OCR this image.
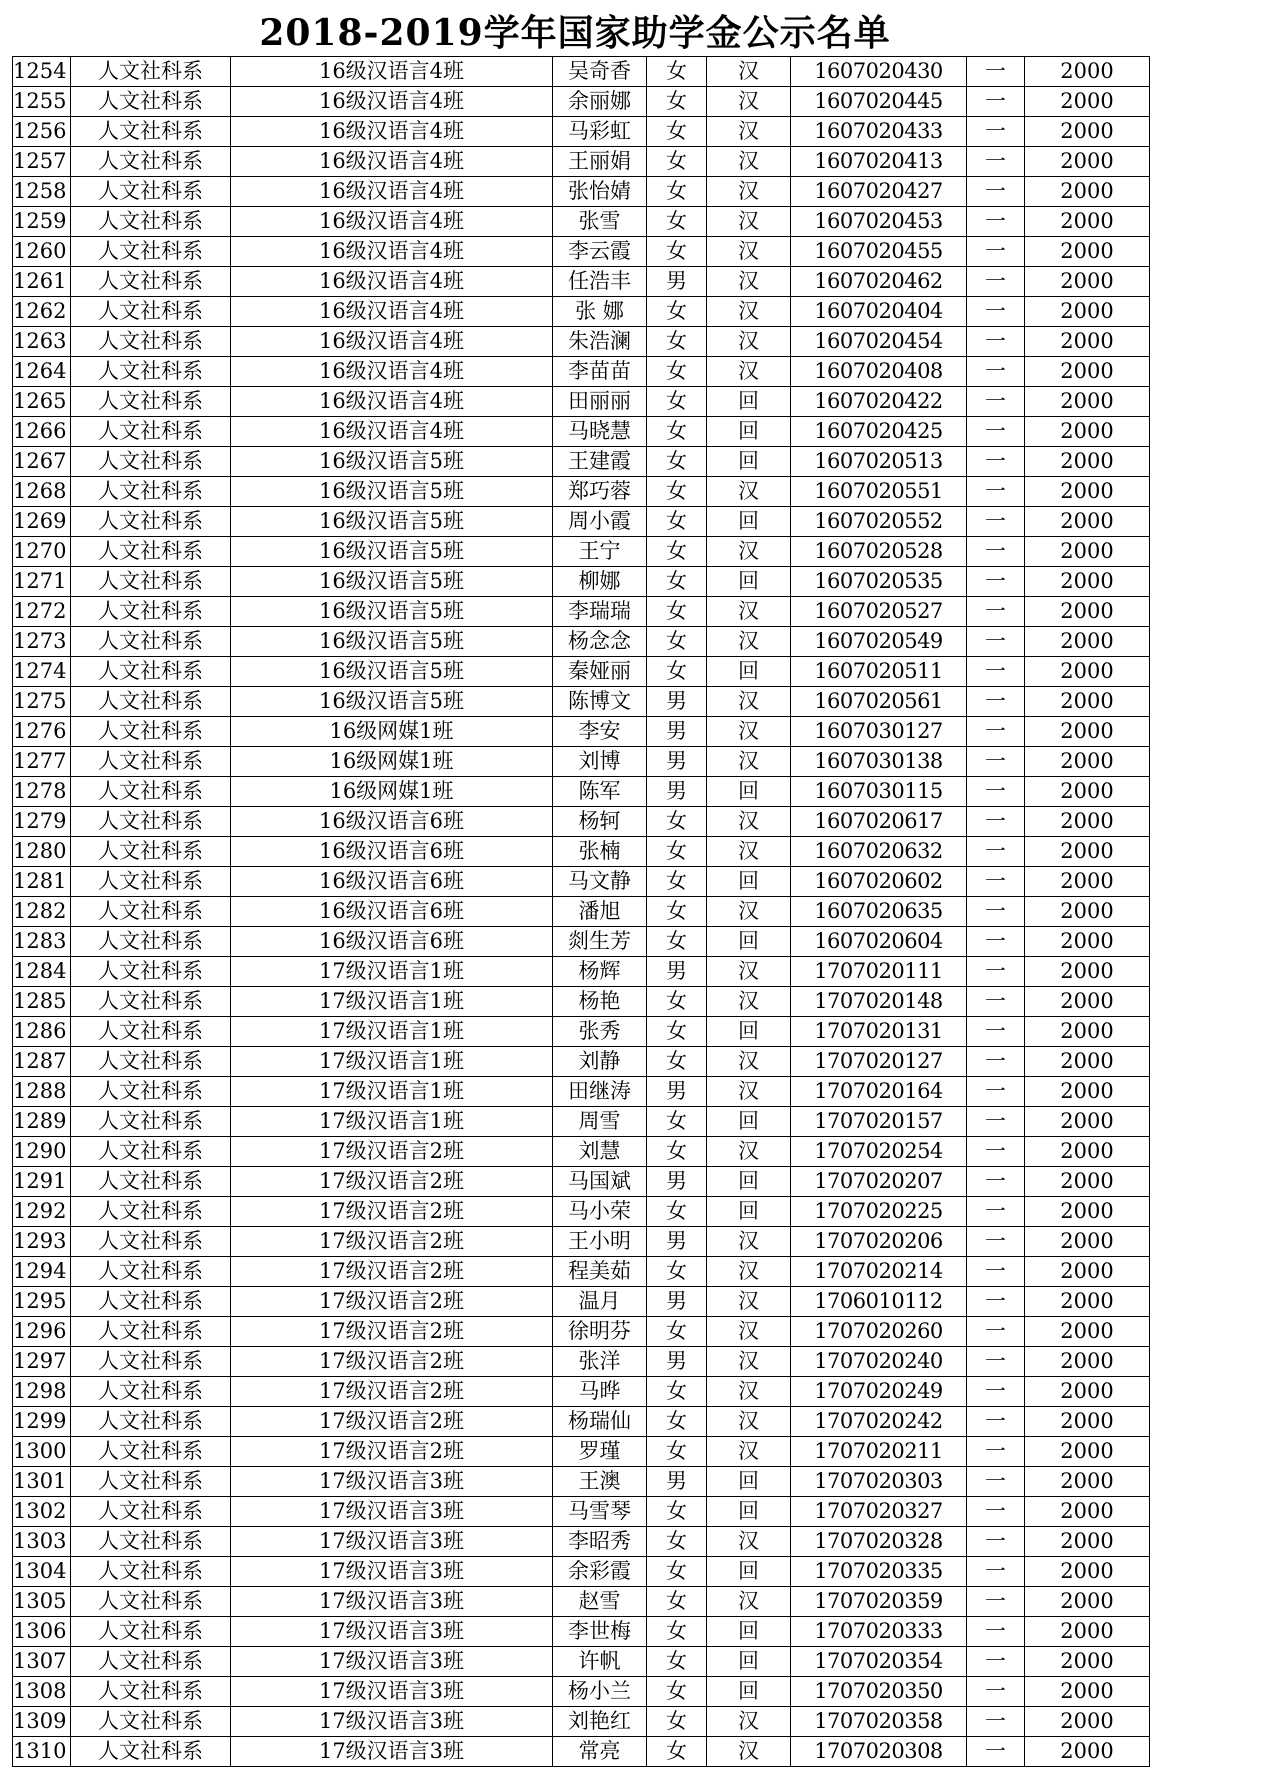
2018-2019学年国家助学金公示名单
1254	人文社科系	16级汉语言4班	吴奇香	女	汉	1607020430	一	2000
1255	人文社科系	16级汉语言4班	余丽娜	女	汉	1607020445	一	2000
1256	人文社科系	16级汉语言4班	马彩虹	女	汉	1607020433	一	2000
1257	人文社科系	16级汉语言4班	王丽娟	女	汉	1607020413	一	2000
1258	人文社科系	16级汉语言4班	张怡婧	女	汉	1607020427	一	2000
1259	人文社科系	16级汉语言4班	张雪	女	汉	1607020453	一	2000
1260	人文社科系	16级汉语言4班	李云霞	女	汉	1607020455	一	2000
1261	人文社科系	16级汉语言4班	任浩丰	男	汉	1607020462	一	2000
1262	人文社科系	16级汉语言4班	张 娜	女	汉	1607020404	一	2000
1263	人文社科系	16级汉语言4班	朱浩澜	女	汉	1607020454	一	2000
1264	人文社科系	16级汉语言4班	李苗苗	女	汉	1607020408	一	2000
1265	人文社科系	16级汉语言4班	田丽丽	女	回	1607020422	一	2000
1266	人文社科系	16级汉语言4班	马晓慧	女	回	1607020425	一	2000
1267	人文社科系	16级汉语言5班	王建霞	女	回	1607020513	一	2000
1268	人文社科系	16级汉语言5班	郑巧蓉	女	汉	1607020551	一	2000
1269	人文社科系	16级汉语言5班	周小霞	女	回	1607020552	一	2000
1270	人文社科系	16级汉语言5班	王宁	女	汉	1607020528	一	2000
1271	人文社科系	16级汉语言5班	柳娜	女	回	1607020535	一	2000
1272	人文社科系	16级汉语言5班	李瑞瑞	女	汉	1607020527	一	2000
1273	人文社科系	16级汉语言5班	杨念念	女	汉	1607020549	一	2000
1274	人文社科系	16级汉语言5班	秦娅丽	女	回	1607020511	一	2000
1275	人文社科系	16级汉语言5班	陈博文	男	汉	1607020561	一	2000
1276	人文社科系	16级网媒1班	李安	男	汉	1607030127	一	2000
1277	人文社科系	16级网媒1班	刘博	男	汉	1607030138	一	2000
1278	人文社科系	16级网媒1班	陈军	男	回	1607030115	一	2000
1279	人文社科系	16级汉语言6班	杨轲	女	汉	1607020617	一	2000
1280	人文社科系	16级汉语言6班	张楠	女	汉	1607020632	一	2000
1281	人文社科系	16级汉语言6班	马文静	女	回	1607020602	一	2000
1282	人文社科系	16级汉语言6班	潘旭	女	汉	1607020635	一	2000
1283	人文社科系	16级汉语言6班	剡生芳	女	回	1607020604	一	2000
1284	人文社科系	17级汉语言1班	杨辉	男	汉	1707020111	一	2000
1285	人文社科系	17级汉语言1班	杨艳	女	汉	1707020148	一	2000
1286	人文社科系	17级汉语言1班	张秀	女	回	1707020131	一	2000
1287	人文社科系	17级汉语言1班	刘静	女	汉	1707020127	一	2000
1288	人文社科系	17级汉语言1班	田继涛	男	汉	1707020164	一	2000
1289	人文社科系	17级汉语言1班	周雪	女	回	1707020157	一	2000
1290	人文社科系	17级汉语言2班	刘慧	女	汉	1707020254	一	2000
1291	人文社科系	17级汉语言2班	马国斌	男	回	1707020207	一	2000
1292	人文社科系	17级汉语言2班	马小荣	女	回	1707020225	一	2000
1293	人文社科系	17级汉语言2班	王小明	男	汉	1707020206	一	2000
1294	人文社科系	17级汉语言2班	程美茹	女	汉	1707020214	一	2000
1295	人文社科系	17级汉语言2班	温月	男	汉	1706010112	一	2000
1296	人文社科系	17级汉语言2班	徐明芬	女	汉	1707020260	一	2000
1297	人文社科系	17级汉语言2班	张洋	男	汉	1707020240	一	2000
1298	人文社科系	17级汉语言2班	马晔	女	汉	1707020249	一	2000
1299	人文社科系	17级汉语言2班	杨瑞仙	女	汉	1707020242	一	2000
1300	人文社科系	17级汉语言2班	罗瑾	女	汉	1707020211	一	2000
1301	人文社科系	17级汉语言3班	王澳	男	回	1707020303	一	2000
1302	人文社科系	17级汉语言3班	马雪琴	女	回	1707020327	一	2000
1303	人文社科系	17级汉语言3班	李昭秀	女	汉	1707020328	一	2000
1304	人文社科系	17级汉语言3班	余彩霞	女	回	1707020335	一	2000
1305	人文社科系	17级汉语言3班	赵雪	女	汉	1707020359	一	2000
1306	人文社科系	17级汉语言3班	李世梅	女	回	1707020333	一	2000
1307	人文社科系	17级汉语言3班	许帆	女	回	1707020354	一	2000
1308	人文社科系	17级汉语言3班	杨小兰	女	回	1707020350	一	2000
1309	人文社科系	17级汉语言3班	刘艳红	女	汉	1707020358	一	2000
1310	人文社科系	17级汉语言3班	常亮	女	汉	1707020308	一	2000
